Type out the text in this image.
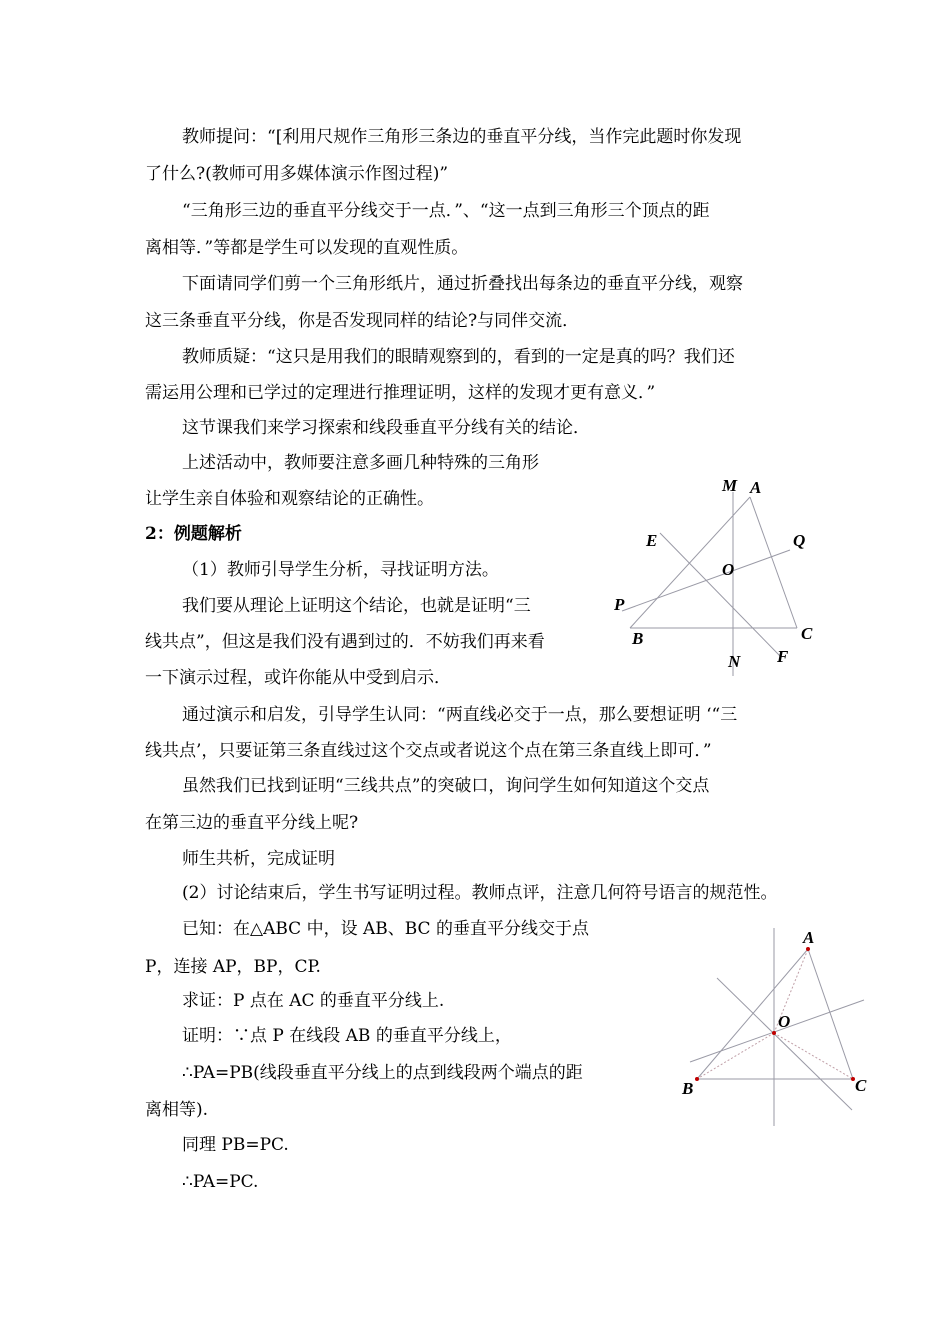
教师提问：“[利用尺规作三角形三条边的垂直平分线，当作完此题时你发现
了什么?(教师可用多媒体演示作图过程)”
“三角形三边的垂直平分线交于一点．”、“这一点到三角形三个顶点的距
离相等．”等都是学生可以发现的直观性质。
下面请同学们剪一个三角形纸片，通过折叠找出每条边的垂直平分线，观察
这三条垂直平分线，你是否发现同样的结论?与同伴交流．
教师质疑：“这只是用我们的眼睛观察到的，看到的一定是真的吗？我们还
需运用公理和已学过的定理进行推理证明，这样的发现才更有意义．”
这节课我们来学习探索和线段垂直平分线有关的结论．
上述活动中，教师要注意多画几种特殊的三角形
让学生亲自体验和观察结论的正确性。
2：例题解析
（1）教师引导学生分析，寻找证明方法。
我们要从理论上证明这个结论，也就是证明“三
线共点”，但这是我们没有遇到过的．不妨我们再来看
一下演示过程，或许你能从中受到启示．
通过演示和启发，引导学生认同：“两直线必交于一点，那么要想证明 ‘“三
线共点’，只要证第三条直线过这个交点或者说这个点在第三条直线上即可．”
虽然我们已找到证明“三线共点”的突破口，询问学生如何知道这个交点
在第三边的垂直平分线上呢?
师生共析，完成证明
(2）讨论结束后，学生书写证明过程。教师点评，注意几何符号语言的规范性。
已知：在△ABC 中，设 AB、BC 的垂直平分线交于点
P，连接 AP，BP，CP.
求证：P 点在 AC 的垂直平分线上.
证明：∵点 P 在线段 AB 的垂直平分线上，
∴PA=PB(线段垂直平分线上的点到线段两个端点的距
离相等).
同理 PB=PC.
∴PA=PC.
M A
E	Q
O
P
B	C
N F
A
O
B	C
